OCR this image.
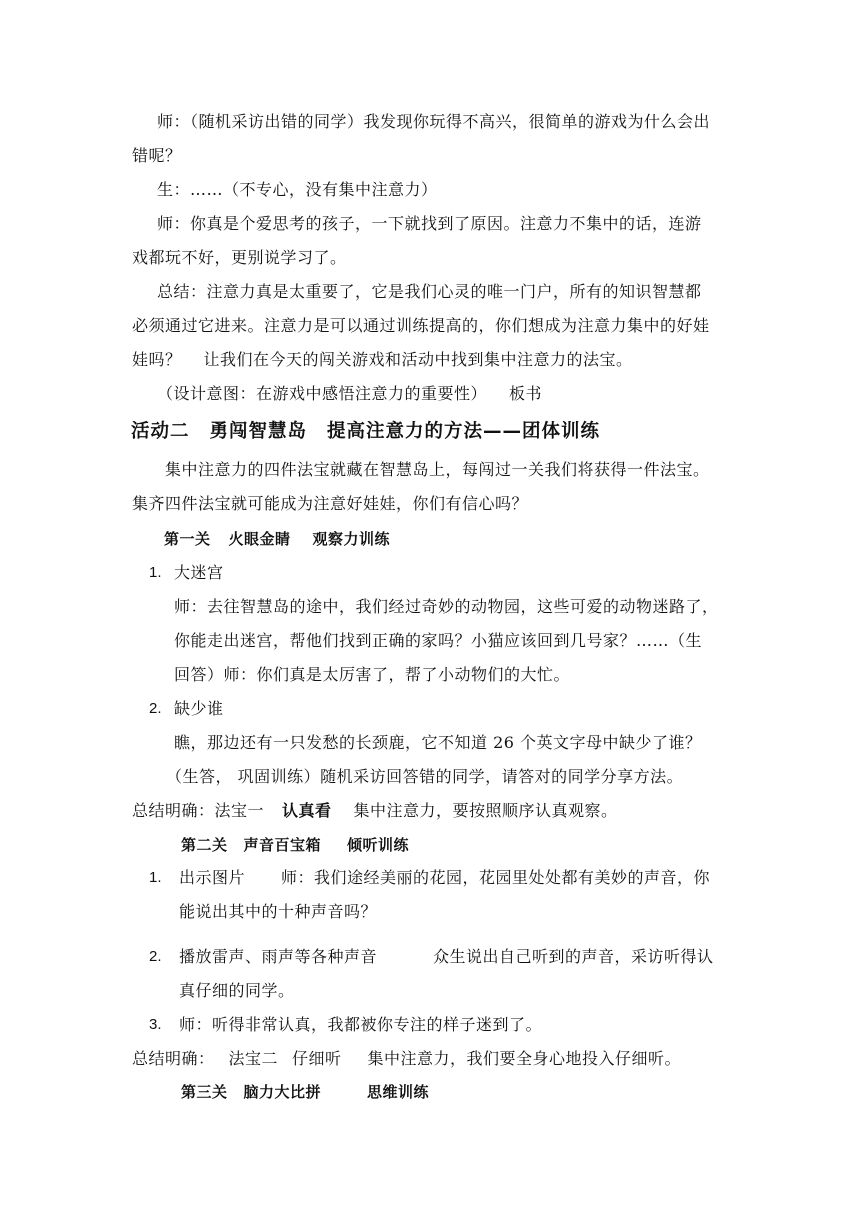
师：（随机采访出错的同学）我发现你玩得不高兴，很简单的游戏为什么会出
错呢？
生：……（不专心，没有集中注意力）
师：你真是个爱思考的孩子，一下就找到了原因。注意力不集中的话，连游
戏都玩不好，更别说学习了。
总结：注意力真是太重要了，它是我们心灵的唯一门户，所有的知识智慧都
必须通过它进来。注意力是可以通过训练提高的，你们想成为注意力集中的好娃
娃吗？ 让我们在今天的闯关游戏和活动中找到集中注意力的法宝。
（设计意图：在游戏中感悟注意力的重要性） 板书
活动二 勇闯智慧岛 提高注意力的方法——团体训练
集中注意力的四件法宝就藏在智慧岛上，每闯过一关我们将获得一件法宝。
集齐四件法宝就可能成为注意好娃娃，你们有信心吗？
第一关 火眼金睛 观察力训练
1. 大迷宫
师：去往智慧岛的途中，我们经过奇妙的动物园，这些可爱的动物迷路了，
你能走出迷宫，帮他们找到正确的家吗？小猫应该回到几号家？……（生
回答）师：你们真是太厉害了，帮了小动物们的大忙。
2. 缺少谁
瞧，那边还有一只发愁的长颈鹿，它不知道 26 个英文字母中缺少了谁？
（生答， 巩固训练）随机采访回答错的同学，请答对的同学分享方法。
总结明确：法宝一 认真看 集中注意力，要按照顺序认真观察。
第二关 声音百宝箱 倾听训练
1. 出示图片 师：我们途经美丽的花园，花园里处处都有美妙的声音，你
能说出其中的十种声音吗？
2. 播放雷声、雨声等各种声音	众生说出自己听到的声音，采访听得认
真仔细的同学。
3. 师：听得非常认真，我都被你专注的样子迷到了。
总结明确： 法宝二 仔细听 集中注意力，我们要全身心地投入仔细听。
第三关 脑力大比拼	思维训练
